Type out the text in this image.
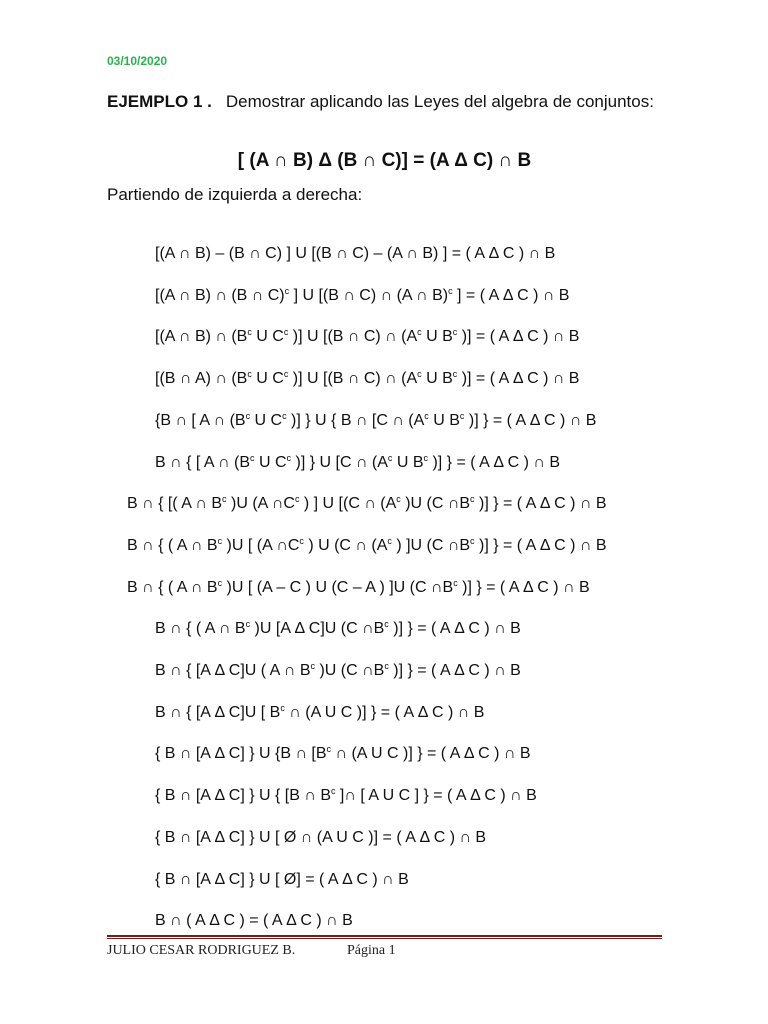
03/10/2020
EJEMPLO 1 . Demostrar aplicando las Leyes del algebra de conjuntos:
[ (A ∩ B) Δ (B ∩ C)] = (A Δ C) ∩ B
Partiendo de izquierda a derecha:
[(A ∩ B) – (B ∩ C) ] U [(B ∩ C) – (A ∩ B) ] = ( A Δ C ) ∩ B
[(A ∩ B) ∩ (B ∩ C)$^c$ ] U [(B ∩ C) ∩ (A ∩ B)$^c$ ] = ( A Δ C ) ∩ B
[(A ∩ B) ∩ ($B^c$ U $C^c$ )] U [(B ∩ C) ∩ ($A^c$ U $B^c$ )] = ( A Δ C ) ∩ B
[(B ∩ A) ∩ ($B^c$ U $C^c$ )] U [(B ∩ C) ∩ ($A^c$ U $B^c$ )] = ( A Δ C ) ∩ B
{B ∩ [ A ∩ ($B^c$ U $C^c$ )] } U { B ∩ [C ∩ ($A^c$ U $B^c$ )] } = ( A Δ C ) ∩ B
B ∩ { [ A ∩ ($B^c$ U $C^c$ )] } U [C ∩ ($A^c$ U $B^c$ )] } = ( A Δ C ) ∩ B
B ∩ { [( A ∩ $B^c$ )U (A $\cap C^c$ ) ] U [(C ∩ ($A^c$ )U (C $\cap B^c$ )] } = ( A Δ C ) ∩ B
B ∩ { ( A ∩ $B^c$ )U [ (A $\cap C^c$ ) U (C ∩ ($A^c$ ) ]U (C $\cap B^c$ )] } = ( A Δ C ) ∩ B
B ∩ { ( A ∩ $B^c$ )U [ (A – C ) U (C – A ) ]U (C $\cap B^c$ )] } = ( A Δ C ) ∩ B
B ∩ { ( A ∩ $B^c$ )U [A Δ C]U (C $\cap B^c$ )] } = ( A Δ C ) ∩ B
B ∩ { [A Δ C]U ( A ∩ $B^c$ )U (C $\cap B^c$ )] } = ( A Δ C ) ∩ B
B ∩ { [A Δ C]U [ $B^c$ ∩ (A U C )] } = ( A Δ C ) ∩ B
{ B ∩ [A Δ C] } U {B ∩ [$B^c$ ∩ (A U C )] } = ( A Δ C ) ∩ B
{ B ∩ [A Δ C] } U { [B ∩ $B^c$ ]∩ [ A U C ] } = ( A Δ C ) ∩ B
{ B ∩ [A Δ C] } U [ Ø ∩ (A U C )] = ( A Δ C ) ∩ B
{ B ∩ [A Δ C] } U [ Ø] = ( A Δ C ) ∩ B
B ∩ ( A Δ C ) = ( A Δ C ) ∩ B
JULIO CESAR RODRIGUEZ B.	Página 1
